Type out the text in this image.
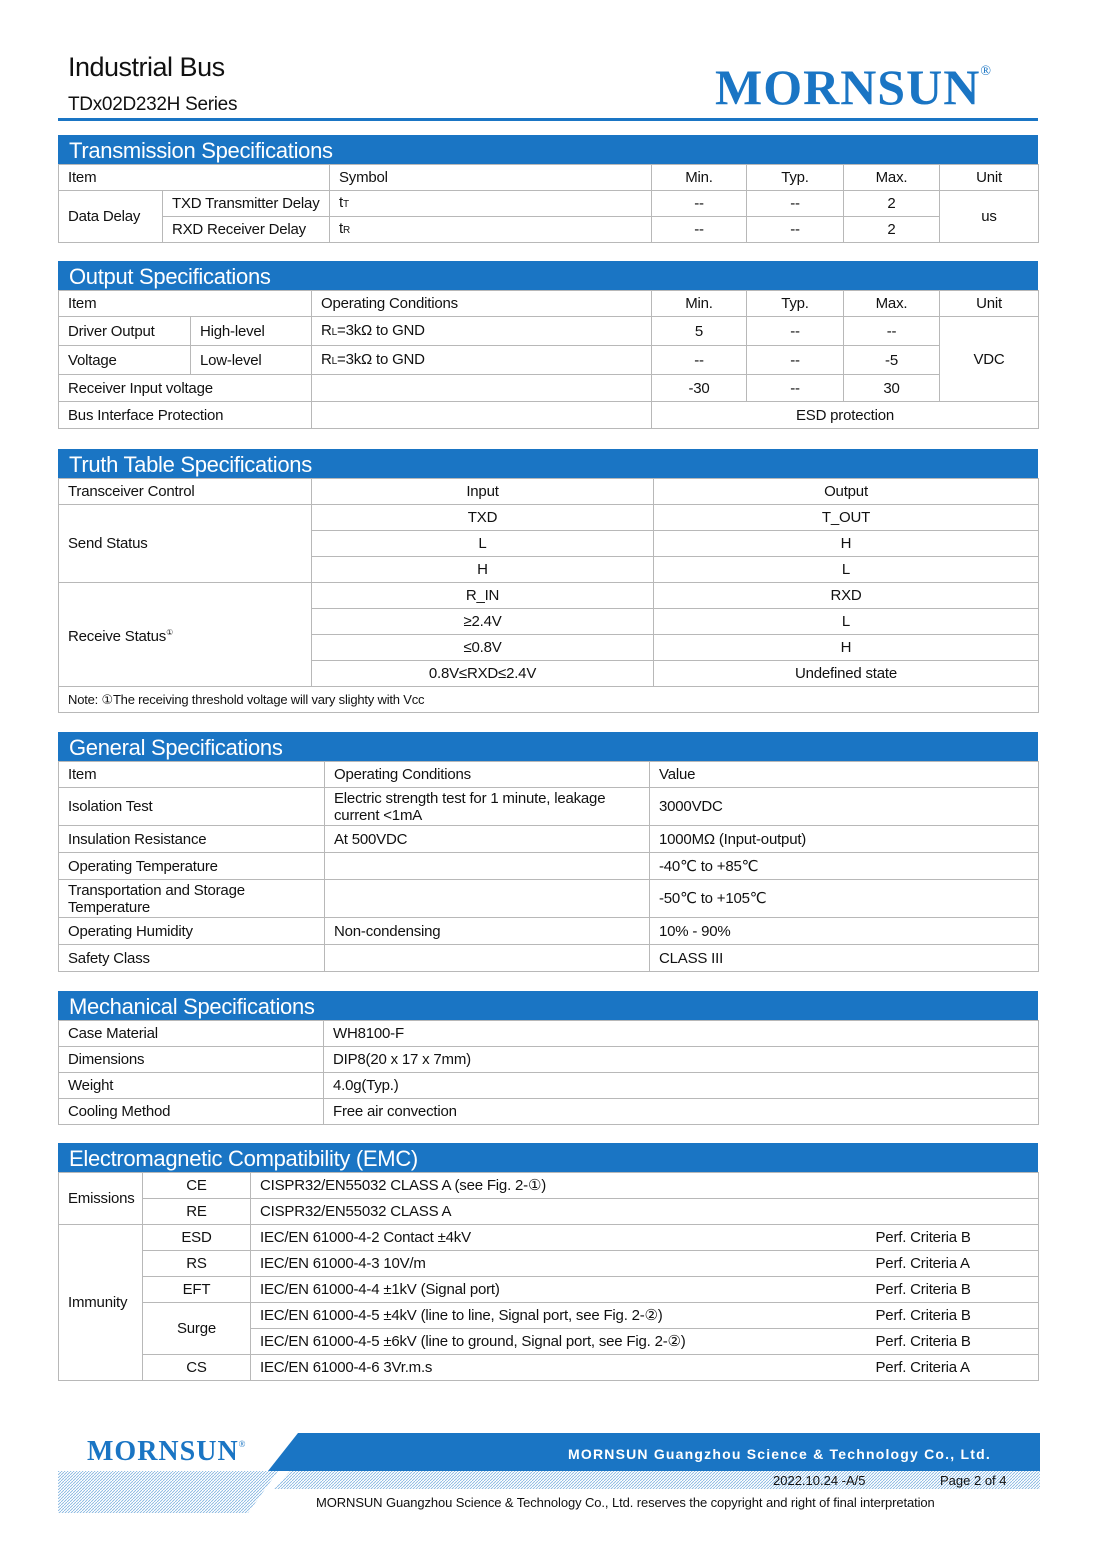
Industrial Bus
TDx02D232H Series	MORNSUN®
Transmission Specifications
Item		Symbol	Min.	Typ.	Max.	Unit
Data Delay	TXD Transmitter Delay	tT	--	--	2	us
	RXD Receiver Delay	tR	--	--	2	
Output Specifications
Item		Operating Conditions	Min.	Typ.	Max.	Unit
Driver Output	High-level	RL=3kΩ to GND	5	--	--	VDC
Voltage	Low-level	RL=3kΩ to GND	--	--	-5	
Receiver Input voltage			-30	--	30	
Bus Interface Protection			ESD protection			
Truth Table Specifications
Transceiver Control	Input	Output
Send Status	TXD	T_OUT
	L	H
	H	L
Receive Status①	R_IN	RXD
	≥2.4V	L
	≤0.8V	H
	0.8V≤RXD≤2.4V	Undefined state
Note: ①The receiving threshold voltage will vary slighty with Vcc		
General Specifications
Item	Operating Conditions	Value
Isolation Test	Electric strength test for 1 minute, leakage current <1mA	3000VDC
Insulation Resistance	At 500VDC	1000MΩ (Input-output)
Operating Temperature		-40℃ to +85℃
Transportation and Storage Temperature		-50℃ to +105℃
Operating Humidity	Non-condensing	10% - 90%
Safety Class		CLASS III
Mechanical Specifications
Case Material	WH8100-F
Dimensions	DIP8(20 x 17 x 7mm)
Weight	4.0g(Typ.)
Cooling Method	Free air convection
Electromagnetic Compatibility (EMC)
Emissions	CE	CISPR32/EN55032 CLASS A (see Fig. 2-①)	
	RE	CISPR32/EN55032 CLASS A	
Immunity	ESD	IEC/EN 61000-4-2 Contact ±4kV	Perf. Criteria B
	RS	IEC/EN 61000-4-3 10V/m	Perf. Criteria A
	EFT	IEC/EN 61000-4-4 ±1kV (Signal port)	Perf. Criteria B
	Surge	IEC/EN 61000-4-5 ±4kV (line to line, Signal port, see Fig. 2-②)	Perf. Criteria B
		IEC/EN 61000-4-5 ±6kV (line to ground, Signal port, see Fig. 2-②)	Perf. Criteria B
	CS	IEC/EN 61000-4-6 3Vr.m.s	Perf. Criteria A
MORNSUN®
MORNSUN Guangzhou Science & Technology Co., Ltd.
2022.10.24 -A/5	Page 2 of 4
MORNSUN Guangzhou Science & Technology Co., Ltd. reserves the copyright and right of final interpretation
